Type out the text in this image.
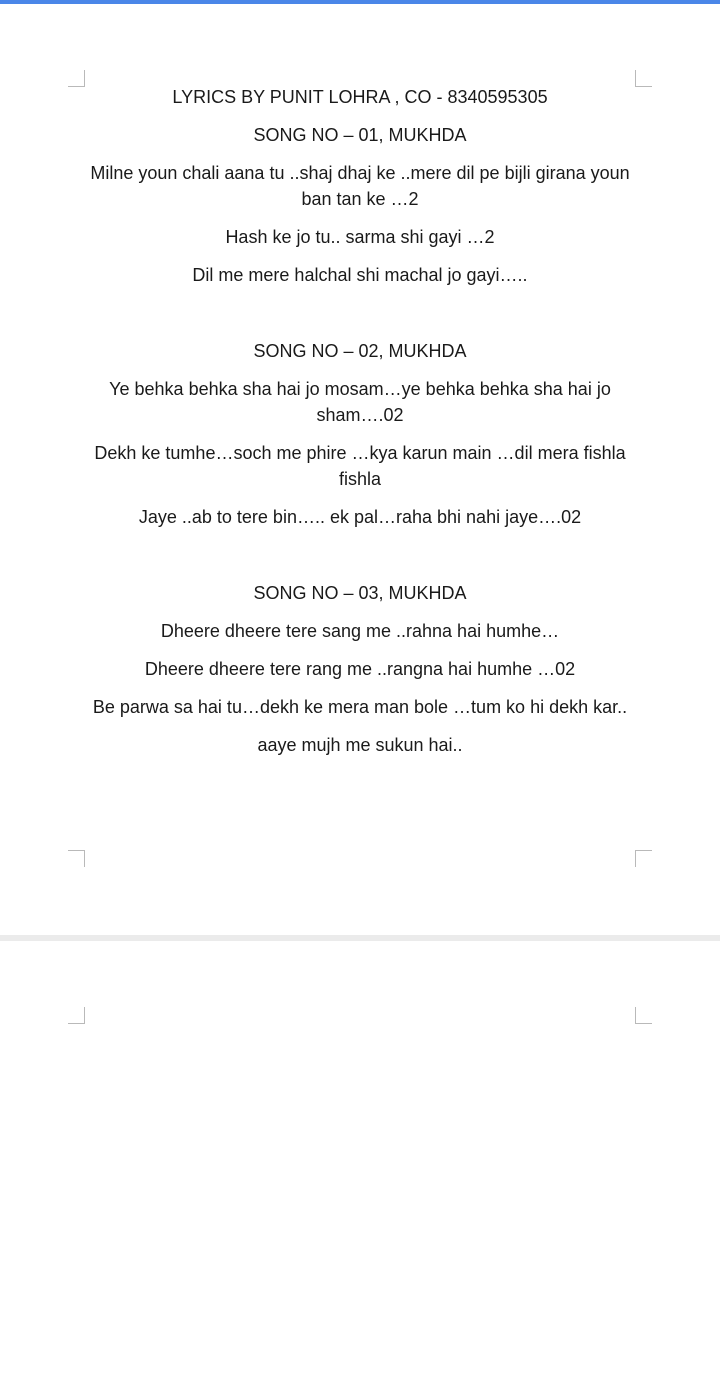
LYRICS BY PUNIT LOHRA , CO - 8340595305

SONG NO – 01, MUKHDA

Milne youn chali aana tu ..shaj dhaj ke ..mere dil pe bijli girana youn ban tan ke …2

Hash ke jo tu.. sarma shi gayi …2

Dil me mere halchal shi machal jo gayi…..

SONG NO – 02, MUKHDA

Ye behka behka sha hai jo mosam…ye behka behka sha hai jo sham….02

Dekh ke tumhe…soch me phire …kya karun main …dil mera fishla fishla

Jaye ..ab to tere bin….. ek pal…raha bhi nahi jaye….02

SONG NO – 03, MUKHDA

Dheere dheere tere sang me ..rahna hai humhe…

Dheere dheere tere rang me ..rangna hai humhe …02

Be parwa sa hai tu…dekh ke mera man bole …tum ko hi dekh kar..

aaye mujh me sukun hai..
